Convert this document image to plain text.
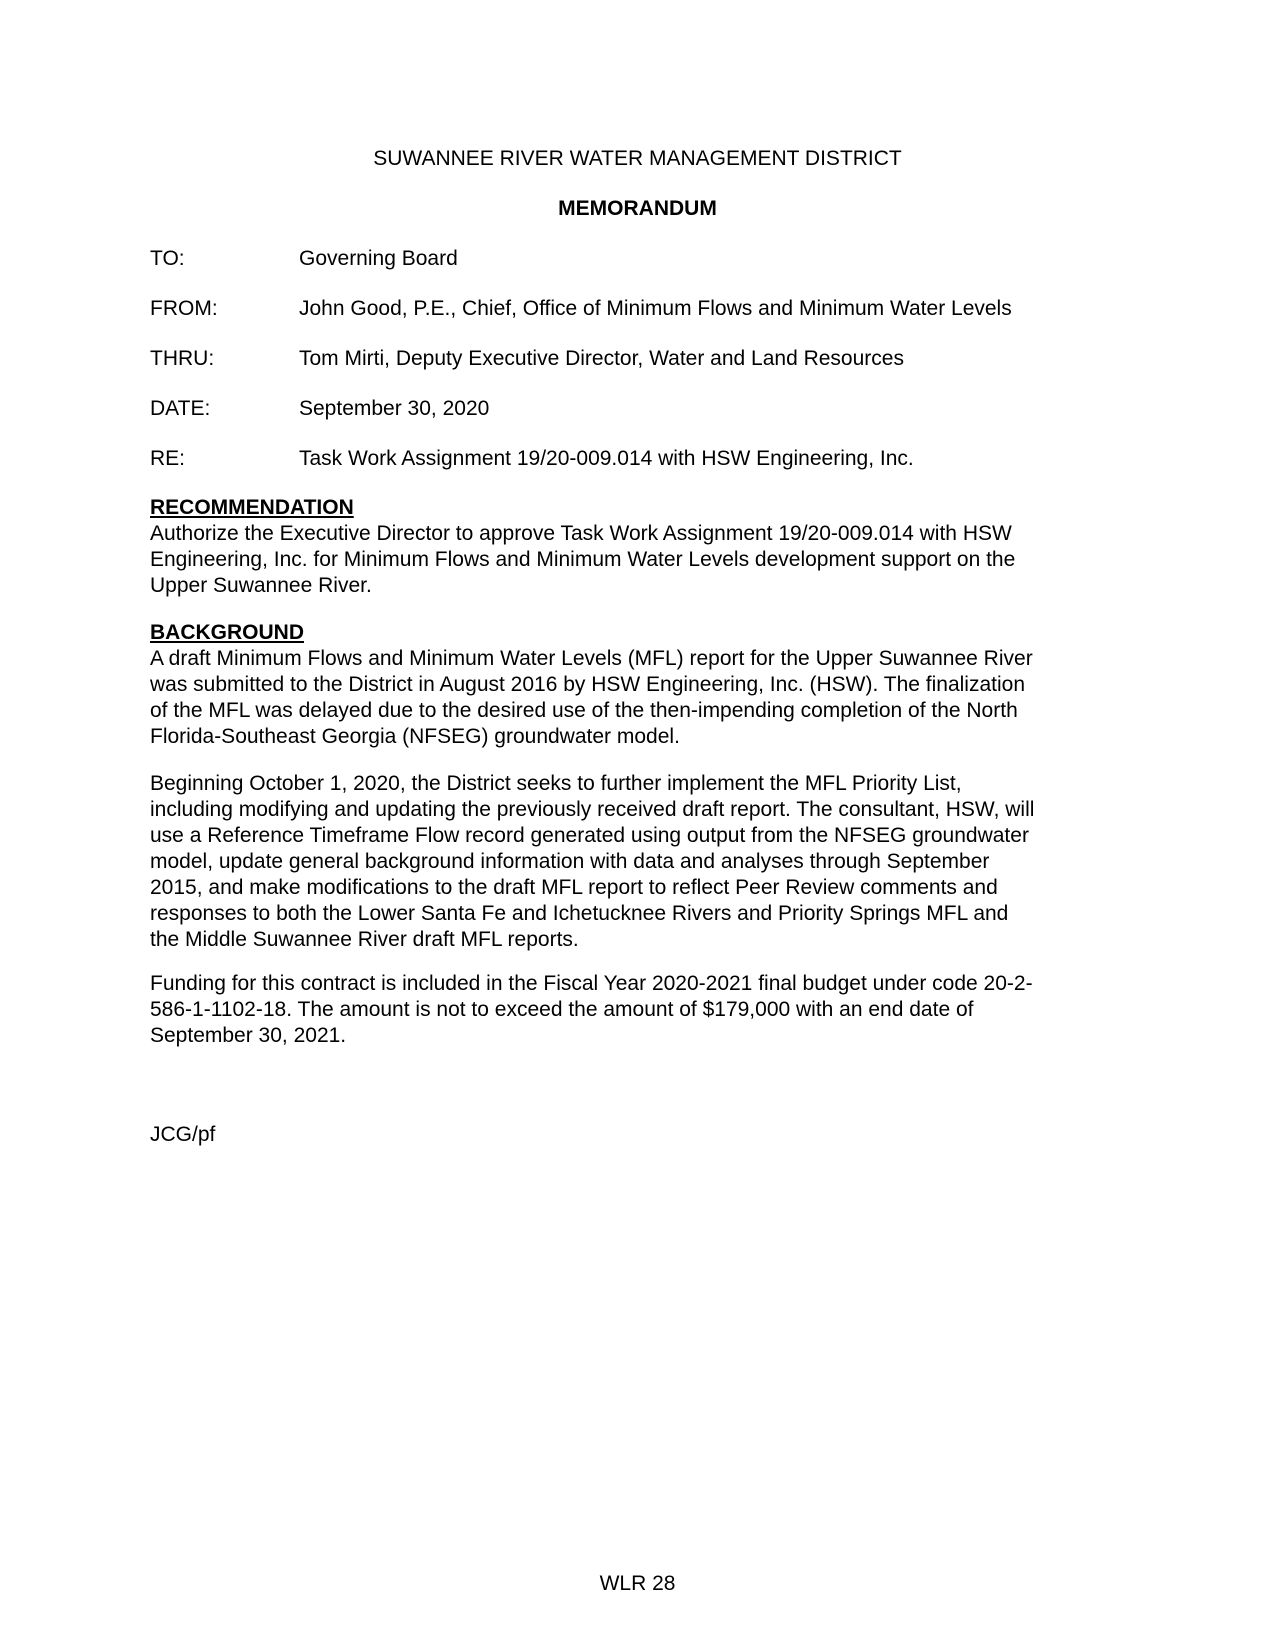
SUWANNEE RIVER WATER MANAGEMENT DISTRICT
MEMORANDUM
TO:	Governing Board
FROM:	John Good, P.E., Chief, Office of Minimum Flows and Minimum Water Levels
THRU:	Tom Mirti, Deputy Executive Director, Water and Land Resources
DATE:	September 30, 2020
RE:	Task Work Assignment 19/20-009.014 with HSW Engineering, Inc.
RECOMMENDATION

Authorize the Executive Director to approve Task Work Assignment 19/20-009.014 with HSW
Engineering, Inc. for Minimum Flows and Minimum Water Levels development support on the
Upper Suwannee River.

BACKGROUND

A draft Minimum Flows and Minimum Water Levels (MFL) report for the Upper Suwannee River
was submitted to the District in August 2016 by HSW Engineering, Inc. (HSW). The finalization
of the MFL was delayed due to the desired use of the then-impending completion of the North
Florida-Southeast Georgia (NFSEG) groundwater model.

Beginning October 1, 2020, the District seeks to further implement the MFL Priority List,
including modifying and updating the previously received draft report. The consultant, HSW, will
use a Reference Timeframe Flow record generated using output from the NFSEG groundwater
model, update general background information with data and analyses through September
2015, and make modifications to the draft MFL report to reflect Peer Review comments and
responses to both the Lower Santa Fe and Ichetucknee Rivers and Priority Springs MFL and
the Middle Suwannee River draft MFL reports.

Funding for this contract is included in the Fiscal Year 2020-2021 final budget under code 20-2-
586-1-1102-18. The amount is not to exceed the amount of $179,000 with an end date of
September 30, 2021.

JCG/pf
WLR 28
